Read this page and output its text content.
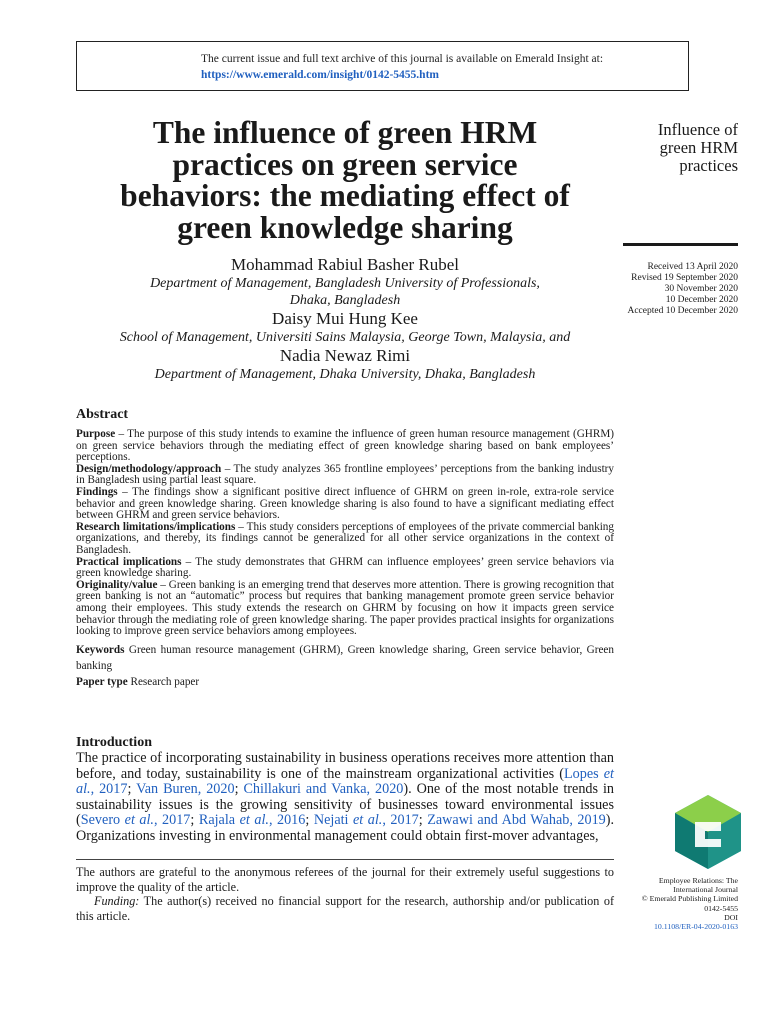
The current issue and full text archive of this journal is available on Emerald Insight at:
https://www.emerald.com/insight/0142-5455.htm
The influence of green HRM
practices on green service
behaviors: the mediating effect of
green knowledge sharing
Influence of
green HRM
practices
Received 13 April 2020
Revised 19 September 2020
30 November 2020
10 December 2020
Accepted 10 December 2020
Mohammad Rabiul Basher Rubel
Department of Management, Bangladesh University of Professionals,
Dhaka, Bangladesh
Daisy Mui Hung Kee
School of Management, Universiti Sains Malaysia, George Town, Malaysia, and
Nadia Newaz Rimi
Department of Management, Dhaka University, Dhaka, Bangladesh
Abstract

Purpose – The purpose of this study intends to examine the influence of green human resource management (GHRM) on green service behaviors through the mediating effect of green knowledge sharing based on bank employees’ perceptions.

Design/methodology/approach – The study analyzes 365 frontline employees’ perceptions from the banking industry in Bangladesh using partial least square.

Findings – The findings show a significant positive direct influence of GHRM on green in-role, extra-role service behavior and green knowledge sharing. Green knowledge sharing is also found to have a significant mediating effect between GHRM and green service behaviors.

Research limitations/implications – This study considers perceptions of employees of the private commercial banking organizations, and thereby, its findings cannot be generalized for all other service organizations in the context of Bangladesh.

Practical implications – The study demonstrates that GHRM can influence employees’ green service behaviors via green knowledge sharing.

Originality/value – Green banking is an emerging trend that deserves more attention. There is growing recognition that green banking is not an “automatic” process but requires that banking management promote green service behavior among their employees. This study extends the research on GHRM by focusing on how it impacts green service behavior through the mediating role of green knowledge sharing. The paper provides practical insights for organizations looking to improve green service behaviors among employees.

Keywords Green human resource management (GHRM), Green knowledge sharing, Green service behavior, Green banking

Paper type Research paper

Introduction

The practice of incorporating sustainability in business operations receives more attention than before, and today, sustainability is one of the mainstream organizational activities (Lopes et al., 2017; Van Buren, 2020; Chillakuri and Vanka, 2020). One of the most notable trends in sustainability issues is the growing sensitivity of businesses toward environmental issues (Severo et al., 2017; Rajala et al., 2016; Nejati et al., 2017; Zawawi and Abd Wahab, 2019). Organizations investing in environmental management could obtain first-mover advantages,

The authors are grateful to the anonymous referees of the journal for their extremely useful suggestions to improve the quality of the article.

Funding: The author(s) received no financial support for the research, authorship and/or publication of this article.

Employee Relations: The
International Journal
© Emerald Publishing Limited
0142-5455
DOI
10.1108/ER-04-2020-0163
